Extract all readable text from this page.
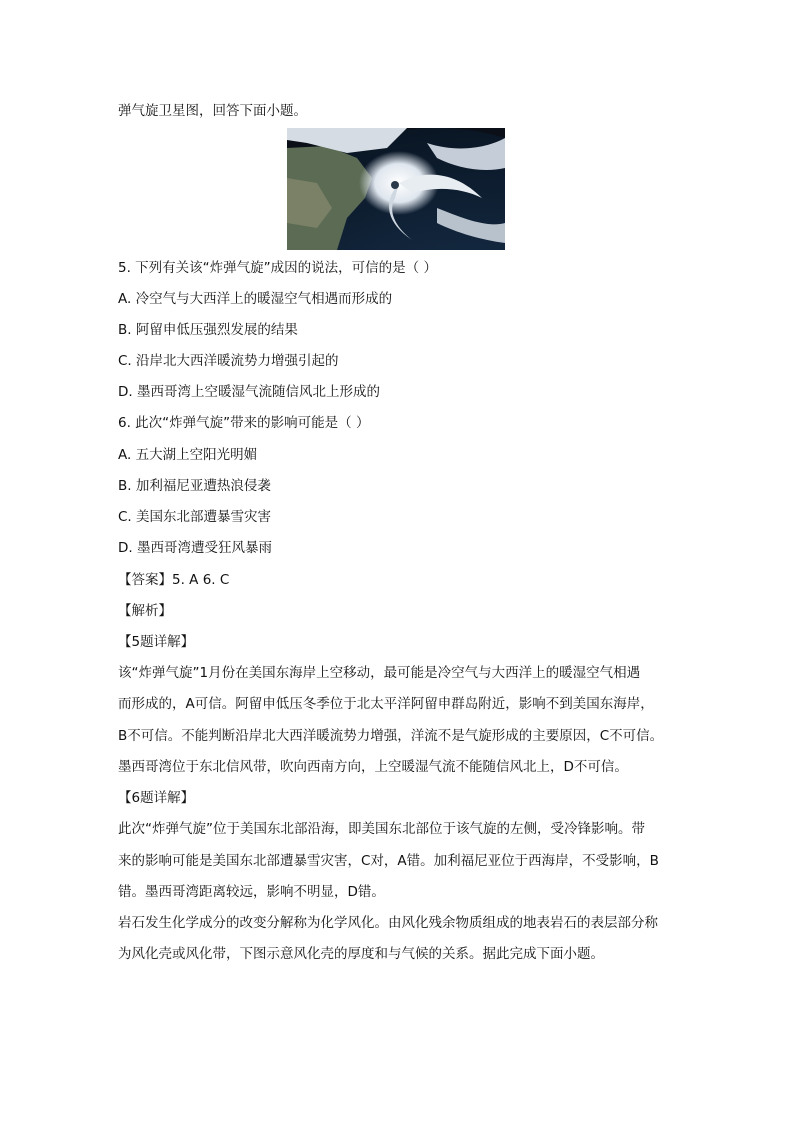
弹气旋卫星图，回答下面小题。
5. 下列有关该“炸弹气旋”成因的说法，可信的是（ ）
A. 冷空气与大西洋上的暖湿空气相遇而形成的
B. 阿留申低压强烈发展的结果
C. 沿岸北大西洋暖流势力增强引起的
D. 墨西哥湾上空暖湿气流随信风北上形成的
6. 此次“炸弹气旋”带来的影响可能是（ ）
A. 五大湖上空阳光明媚
B. 加利福尼亚遭热浪侵袭
C. 美国东北部遭暴雪灾害
D. 墨西哥湾遭受狂风暴雨
【答案】5. A 6. C
【解析】
【5题详解】
该“炸弹气旋”1月份在美国东海岸上空移动，最可能是冷空气与大西洋上的暖湿空气相遇
而形成的，A可信。阿留申低压冬季位于北太平洋阿留申群岛附近，影响不到美国东海岸，
B不可信。不能判断沿岸北大西洋暖流势力增强，洋流不是气旋形成的主要原因，C不可信。
墨西哥湾位于东北信风带，吹向西南方向，上空暖湿气流不能随信风北上，D不可信。
【6题详解】
此次“炸弹气旋”位于美国东北部沿海，即美国东北部位于该气旋的左侧，受冷锋影响。带
来的影响可能是美国东北部遭暴雪灾害，C对，A错。加利福尼亚位于西海岸，不受影响，B
错。墨西哥湾距离较远，影响不明显，D错。
岩石发生化学成分的改变分解称为化学风化。由风化残余物质组成的地表岩石的表层部分称
为风化壳或风化带，下图示意风化壳的厚度和与气候的关系。据此完成下面小题。
